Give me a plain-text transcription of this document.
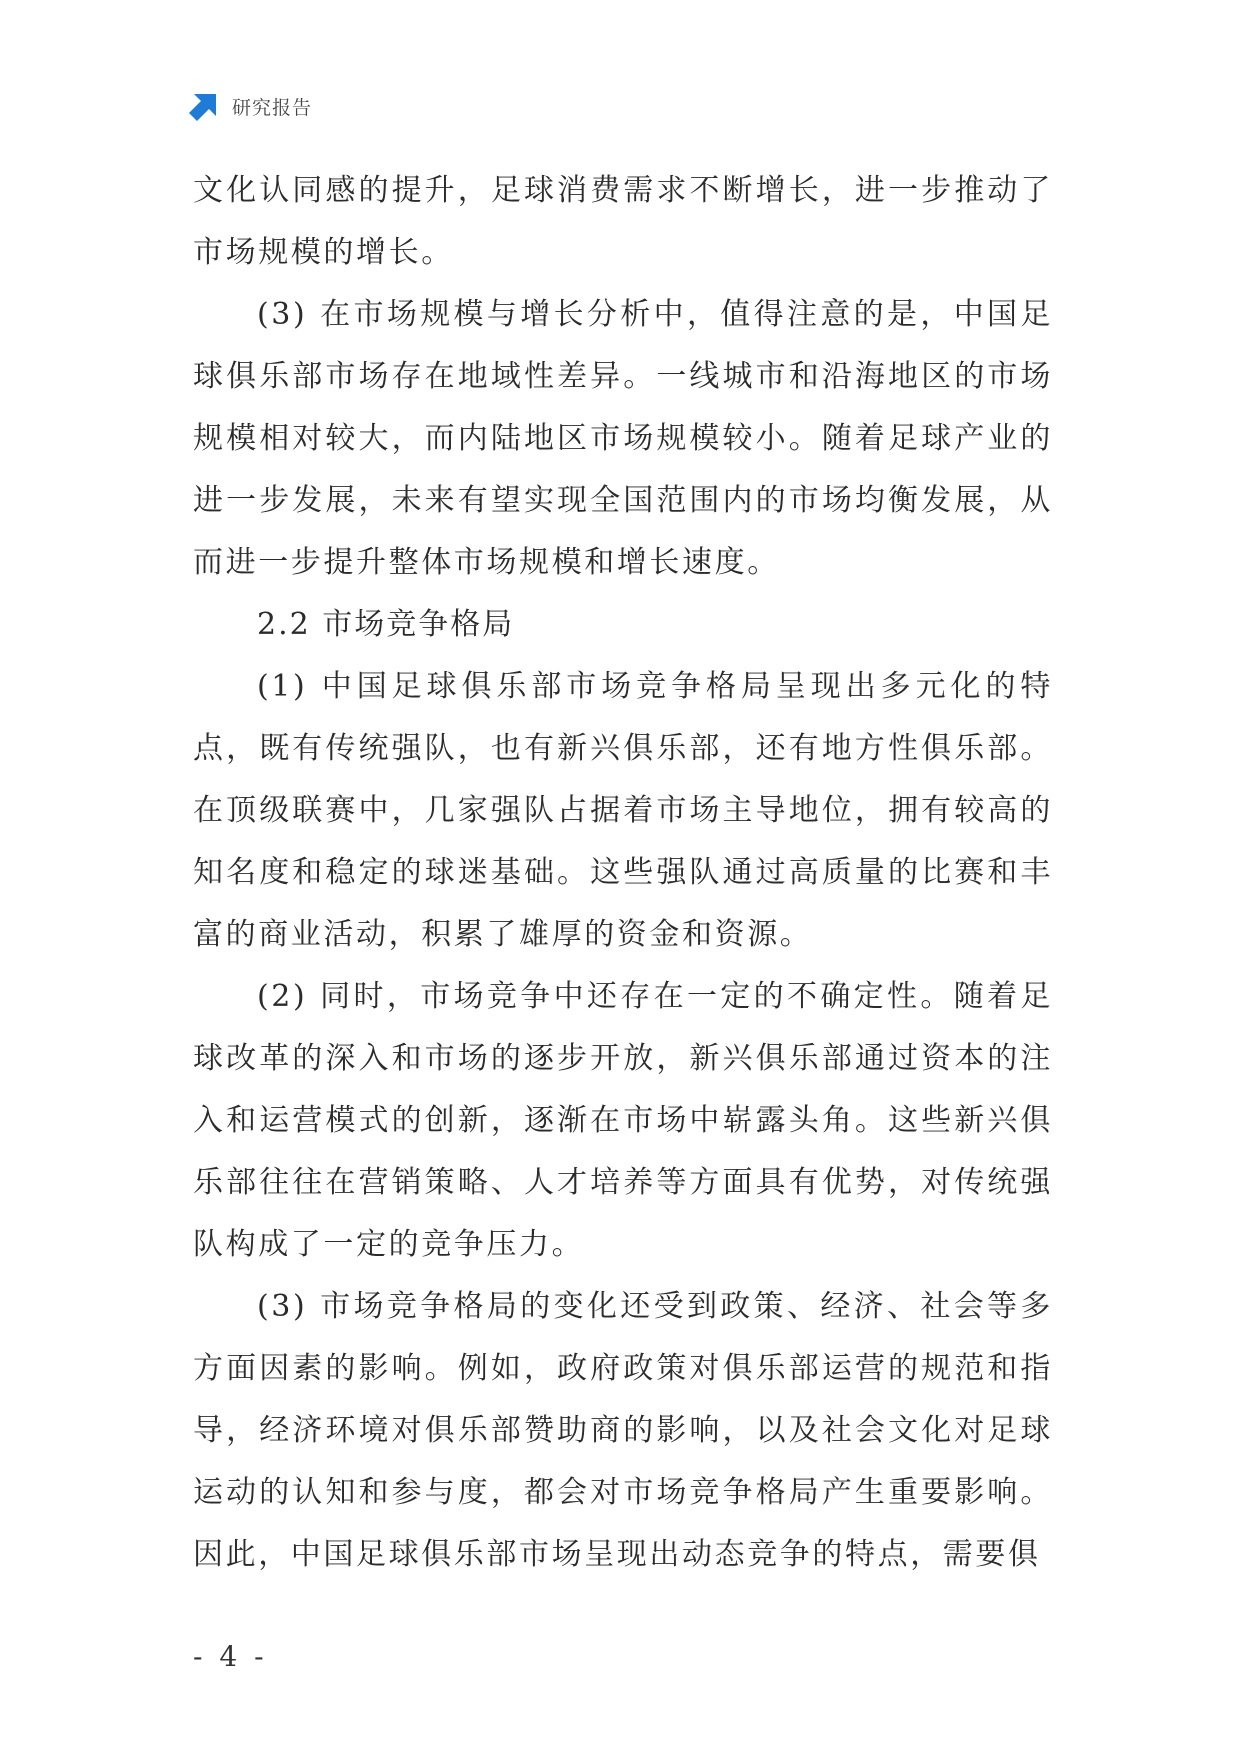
研究报告

文化认同感的提升，足球消费需求不断增长，进一步推动了市场规模的增长。

(3) 在市场规模与增长分析中，值得注意的是，中国足球俱乐部市场存在地域性差异。一线城市和沿海地区的市场规模相对较大，而内陆地区市场规模较小。随着足球产业的进一步发展，未来有望实现全国范围内的市场均衡发展，从而进一步提升整体市场规模和增长速度。

2.2 市场竞争格局

(1) 中国足球俱乐部市场竞争格局呈现出多元化的特点，既有传统强队，也有新兴俱乐部，还有地方性俱乐部。在顶级联赛中，几家强队占据着市场主导地位，拥有较高的知名度和稳定的球迷基础。这些强队通过高质量的比赛和丰富的商业活动，积累了雄厚的资金和资源。

(2) 同时，市场竞争中还存在一定的不确定性。随着足球改革的深入和市场的逐步开放，新兴俱乐部通过资本的注入和运营模式的创新，逐渐在市场中崭露头角。这些新兴俱乐部往往在营销策略、人才培养等方面具有优势，对传统强队构成了一定的竞争压力。

(3) 市场竞争格局的变化还受到政策、经济、社会等多方面因素的影响。例如，政府政策对俱乐部运营的规范和指导，经济环境对俱乐部赞助商的影响，以及社会文化对足球运动的认知和参与度，都会对市场竞争格局产生重要影响。因此，中国足球俱乐部市场呈现出动态竞争的特点，需要俱

- 4 -
